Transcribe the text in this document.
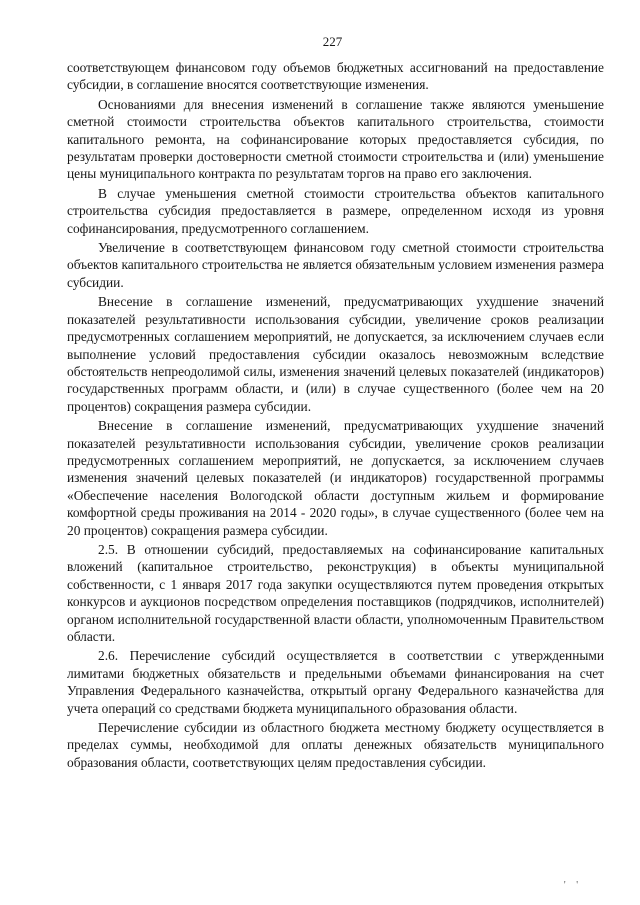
227

соответствующем финансовом году объемов бюджетных ассигнований на предоставление субсидии, в соглашение вносятся соответствующие изменения.

Основаниями для внесения изменений в соглашение также являются уменьшение сметной стоимости строительства объектов капитального строительства, стоимости капитального ремонта, на софинансирование которых предоставляется субсидия, по результатам проверки достоверности сметной стоимости строительства и (или) уменьшение цены муниципального контракта по результатам торгов на право его заключения.

В случае уменьшения сметной стоимости строительства объектов капитального строительства субсидия предоставляется в размере, определенном исходя из уровня софинансирования, предусмотренного соглашением.

Увеличение в соответствующем финансовом году сметной стоимости строительства объектов капитального строительства не является обязательным условием изменения размера субсидии.

Внесение в соглашение изменений, предусматривающих ухудшение значений показателей результативности использования субсидии, увеличение сроков реализации предусмотренных соглашением мероприятий, не допускается, за исключением случаев если выполнение условий предоставления субсидии оказалось невозможным вследствие обстоятельств непреодолимой силы, изменения значений целевых показателей (индикаторов) государственных программ области, и (или) в случае существенного (более чем на 20 процентов) сокращения размера субсидии.

Внесение в соглашение изменений, предусматривающих ухудшение значений показателей результативности использования субсидии, увеличение сроков реализации предусмотренных соглашением мероприятий, не допускается, за исключением случаев изменения значений целевых показателей (и индикаторов) государственной программы «Обеспечение населения Вологодской области доступным жильем и формирование комфортной среды проживания на 2014 - 2020 годы», в случае существенного (более чем на 20 процентов) сокращения размера субсидии.

2.5. В отношении субсидий, предоставляемых на софинансирование капитальных вложений (капитальное строительство, реконструкция) в объекты муниципальной собственности, с 1 января 2017 года закупки осуществляются путем проведения открытых конкурсов и аукционов посредством определения поставщиков (подрядчиков, исполнителей) органом исполнительной государственной власти области, уполномоченным Правительством области.

2.6. Перечисление субсидий осуществляется в соответствии с утвержденными лимитами бюджетных обязательств и предельными объемами финансирования на счет Управления Федерального казначейства, открытый органу Федерального казначейства для учета операций со средствами бюджета муниципального образования области.

Перечисление субсидии из областного бюджета местному бюджету осуществляется в пределах суммы, необходимой для оплаты денежных обязательств муниципального образования области, соответствующих целям предоставления субсидии.

' '
